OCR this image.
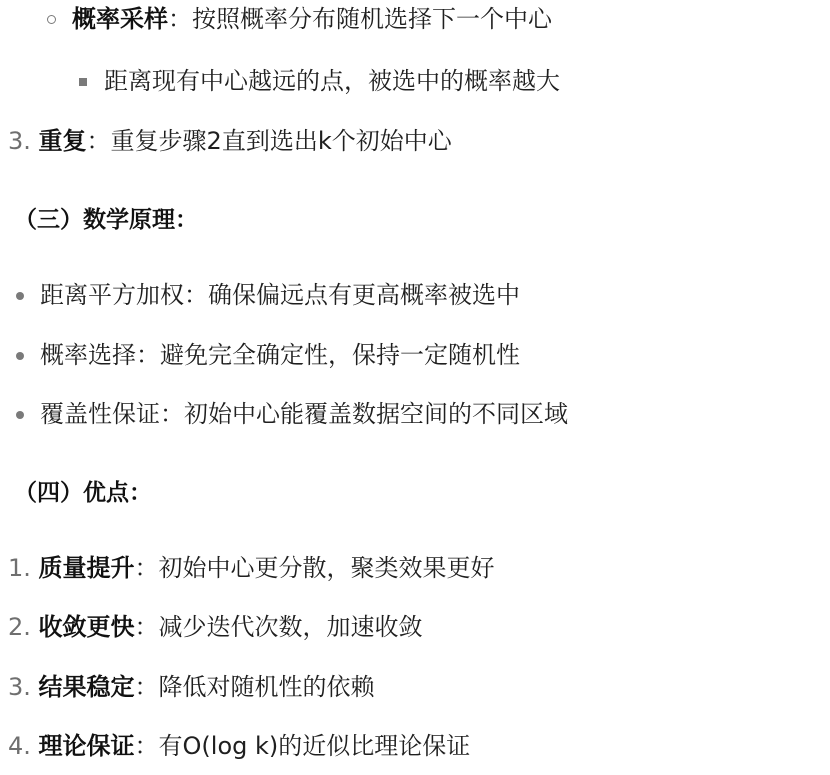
概率采样：按照概率分布随机选择下一个中心
距离现有中心越远的点，被选中的概率越大
3. 重复：重复步骤2直到选出k个初始中心
（三）数学原理：
距离平方加权：确保偏远点有更高概率被选中
概率选择：避免完全确定性，保持一定随机性
覆盖性保证：初始中心能覆盖数据空间的不同区域
（四）优点：
1. 质量提升：初始中心更分散，聚类效果更好
2. 收敛更快：减少迭代次数，加速收敛
3. 结果稳定：降低对随机性的依赖
4. 理论保证：有O(log k)的近似比理论保证
